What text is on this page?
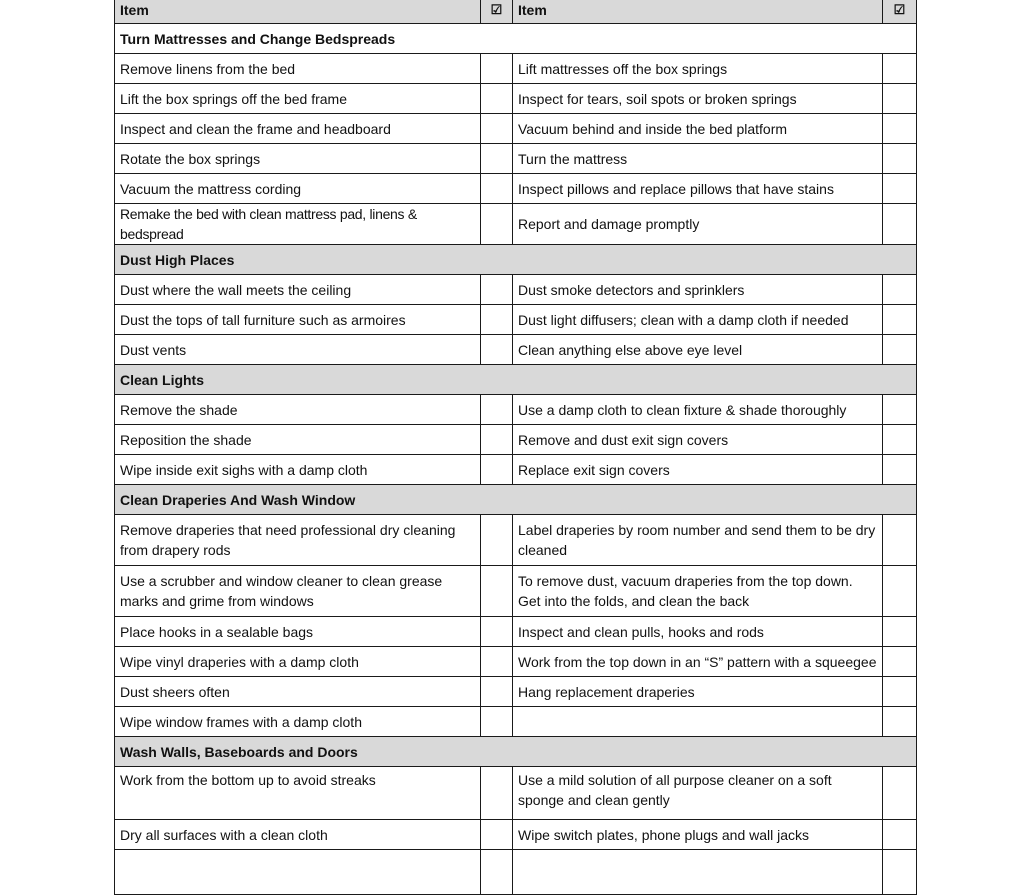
Item	☑	Item	☑
Turn Mattresses and Change Bedspreads			
Remove linens from the bed		Lift mattresses off the box springs	
Lift the box springs off the bed frame		Inspect for tears, soil spots or broken springs	
Inspect and clean the frame and headboard		Vacuum behind and inside the bed platform	
Rotate the box springs		Turn the mattress	
Vacuum the mattress cording		Inspect pillows and replace pillows that have stains	
Remake the bed with clean mattress pad, linens & bedspread		Report and damage promptly	
Dust High Places			
Dust where the wall meets the ceiling		Dust smoke detectors and sprinklers	
Dust the tops of tall furniture such as armoires		Dust light diffusers; clean with a damp cloth if needed	
Dust vents		Clean anything else above eye level	
Clean Lights			
Remove the shade		Use a damp cloth to clean fixture & shade thoroughly	
Reposition the shade		Remove and dust exit sign covers	
Wipe inside exit sighs with a damp cloth		Replace exit sign covers	
Clean Draperies And Wash Window			
Remove draperies that need professional dry cleaning from drapery rods		Label draperies by room number and send them to be dry cleaned	
Use a scrubber and window cleaner to clean grease marks and grime from windows		To remove dust, vacuum draperies from the top down. Get into the folds, and clean the back	
Place hooks in a sealable bags		Inspect and clean pulls, hooks and rods	
Wipe vinyl draperies with a damp cloth		Work from the top down in an “S” pattern with a squeegee	
Dust sheers often		Hang replacement draperies	
Wipe window frames with a damp cloth			
Wash Walls, Baseboards and Doors			
Work from the bottom up to avoid streaks		Use a mild solution of all purpose cleaner on a soft sponge and clean gently	
Dry all surfaces with a clean cloth		Wipe switch plates, phone plugs and wall jacks	
